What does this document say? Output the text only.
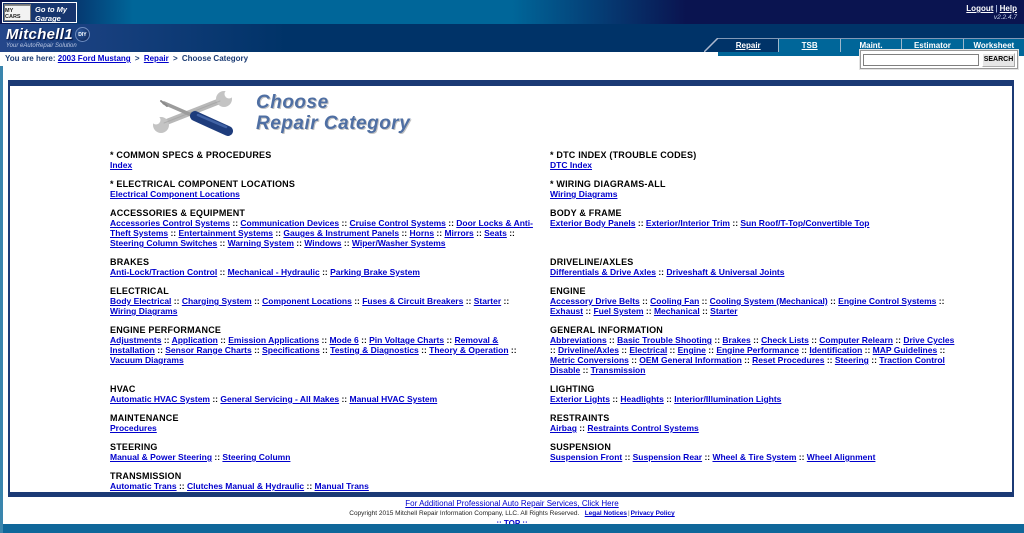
MY CARS
Go to My Garage
Logout | Help
v2.2.4.7
Mitchell1 DIY
Your eAutoRepair Solution	Repair	TSB	Maint.	Estimator	Worksheet
You are here: 2003 Ford Mustang > Repair > Choose Category	SEARCH
Choose
Repair Category
* COMMON SPECS & PROCEDURES
Index
* DTC INDEX (TROUBLE CODES)
DTC Index
* ELECTRICAL COMPONENT LOCATIONS
Electrical Component Locations
* WIRING DIAGRAMS-ALL
Wiring Diagrams
ACCESSORIES & EQUIPMENT
Accessories Control Systems :: Communication Devices :: Cruise Control Systems :: Door Locks & Anti-Theft Systems :: Entertainment Systems :: Gauges & Instrument Panels :: Horns :: Mirrors :: Seats :: Steering Column Switches :: Warning System :: Windows :: Wiper/Washer Systems
BODY & FRAME
Exterior Body Panels :: Exterior/Interior Trim :: Sun Roof/T-Top/Convertible Top
BRAKES
Anti-Lock/Traction Control :: Mechanical - Hydraulic :: Parking Brake System
DRIVELINE/AXLES
Differentials & Drive Axles :: Driveshaft & Universal Joints
ELECTRICAL
Body Electrical :: Charging System :: Component Locations :: Fuses & Circuit Breakers :: Starter :: Wiring Diagrams
ENGINE
Accessory Drive Belts :: Cooling Fan :: Cooling System (Mechanical) :: Engine Control Systems :: Exhaust :: Fuel System :: Mechanical :: Starter
ENGINE PERFORMANCE
Adjustments :: Application :: Emission Applications :: Mode 6 :: Pin Voltage Charts :: Removal & Installation :: Sensor Range Charts :: Specifications :: Testing & Diagnostics :: Theory & Operation :: Vacuum Diagrams
GENERAL INFORMATION
Abbreviations :: Basic Trouble Shooting :: Brakes :: Check Lists :: Computer Relearn :: Drive Cycles :: Driveline/Axles :: Electrical :: Engine :: Engine Performance :: Identification :: MAP Guidelines :: Metric Conversions :: OEM General Information :: Reset Procedures :: Steering :: Traction Control Disable :: Transmission
HVAC
Automatic HVAC System :: General Servicing - All Makes :: Manual HVAC System
LIGHTING
Exterior Lights :: Headlights :: Interior/Illumination Lights
MAINTENANCE
Procedures
RESTRAINTS
Airbag :: Restraints Control Systems
STEERING
Manual & Power Steering :: Steering Column
SUSPENSION
Suspension Front :: Suspension Rear :: Wheel & Tire System :: Wheel Alignment
TRANSMISSION
Automatic Trans :: Clutches Manual & Hydraulic :: Manual Trans
For Additional Professional Auto Repair Services, Click Here
Copyright 2015 Mitchell Repair Information Company, LLC. All Rights Reserved. Legal Notices|Privacy Policy
